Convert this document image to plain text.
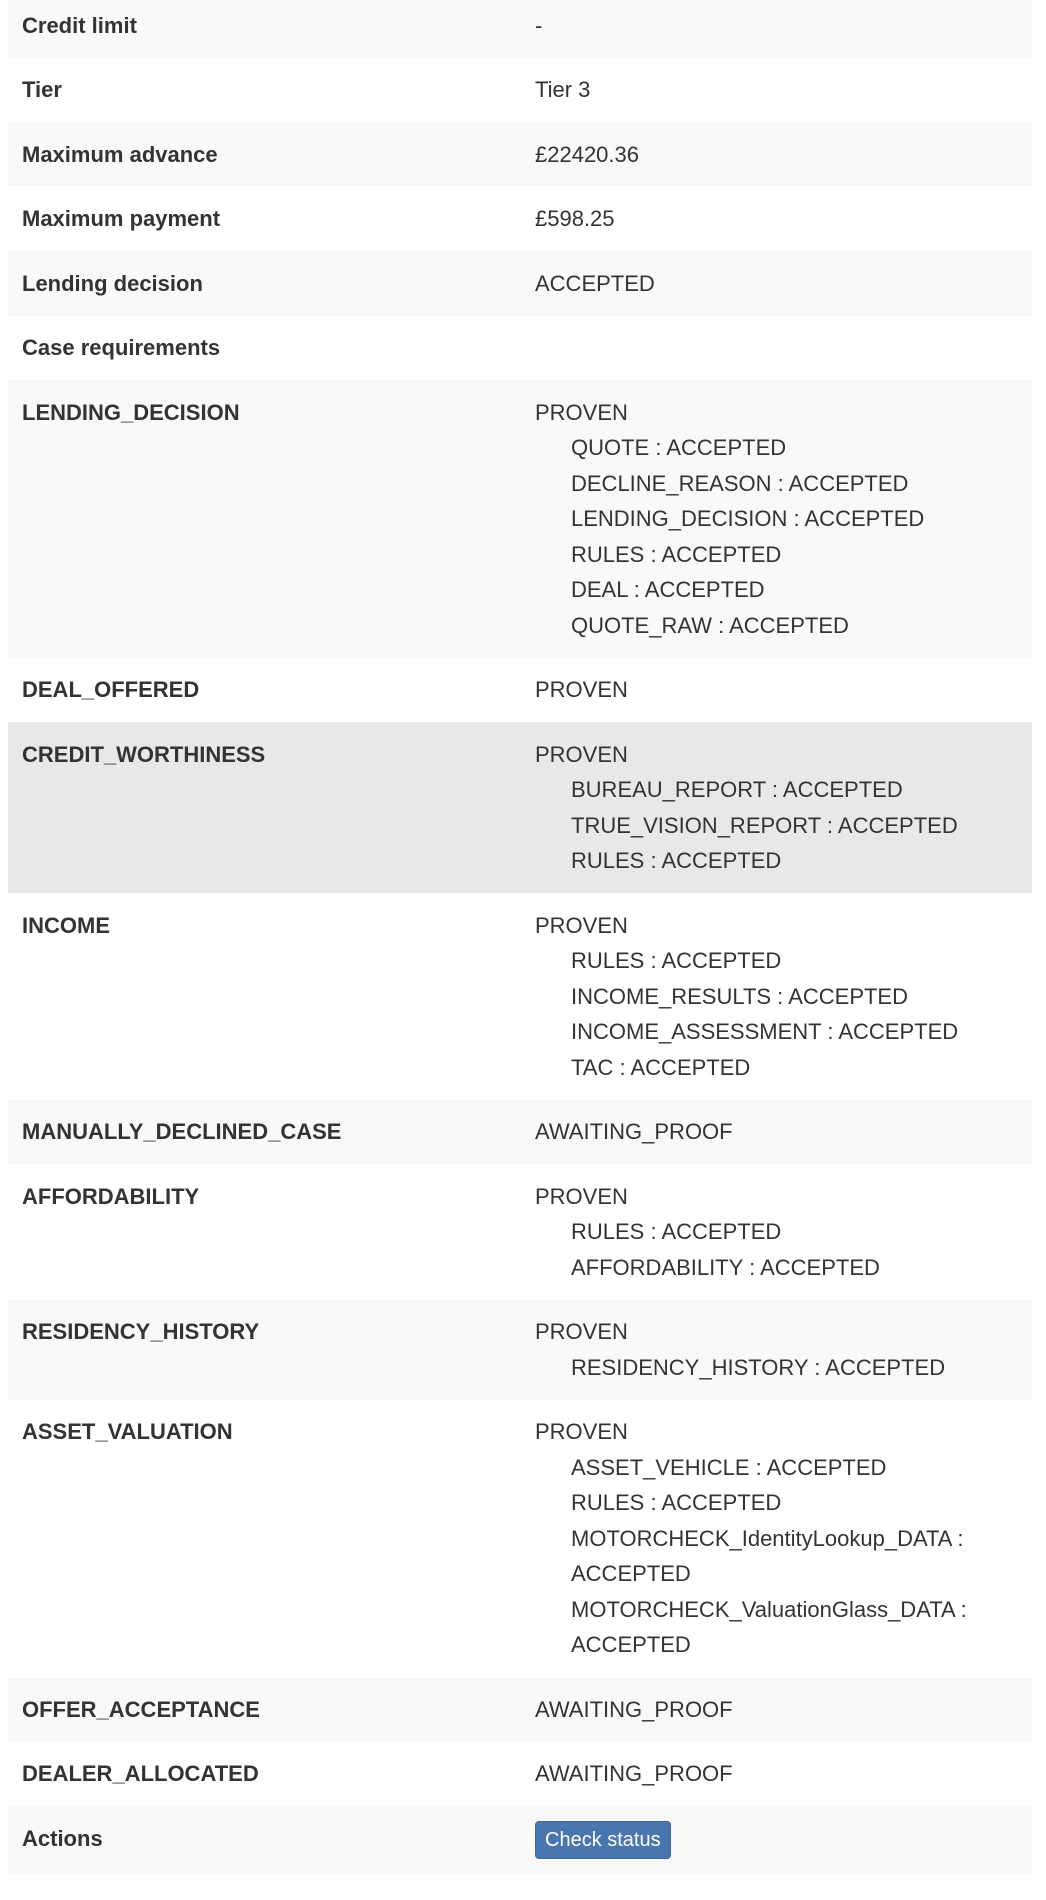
Credit limit	-
Tier	Tier 3
Maximum advance	£22420.36
Maximum payment	£598.25
Lending decision	ACCEPTED
Case requirements	
LENDING_DECISION	PROVEN
QUOTE : ACCEPTED
DECLINE_REASON : ACCEPTED
LENDING_DECISION : ACCEPTED
RULES : ACCEPTED
DEAL : ACCEPTED
QUOTE_RAW : ACCEPTED

DEAL_OFFERED	PROVEN

CREDIT_WORTHINESS	PROVEN
BUREAU_REPORT : ACCEPTED
TRUE_VISION_REPORT : ACCEPTED
RULES : ACCEPTED

INCOME	PROVEN
RULES : ACCEPTED
INCOME_RESULTS : ACCEPTED
INCOME_ASSESSMENT : ACCEPTED
TAC : ACCEPTED

MANUALLY_DECLINED_CASE	AWAITING_PROOF

AFFORDABILITY	PROVEN
RULES : ACCEPTED
AFFORDABILITY : ACCEPTED

RESIDENCY_HISTORY	PROVEN
RESIDENCY_HISTORY : ACCEPTED

ASSET_VALUATION	PROVEN
ASSET_VEHICLE : ACCEPTED
RULES : ACCEPTED
MOTORCHECK_IdentityLookup_DATA : ACCEPTED
MOTORCHECK_ValuationGlass_DATA : ACCEPTED

OFFER_ACCEPTANCE	AWAITING_PROOF

DEALER_ALLOCATED	AWAITING_PROOF

Actions	Check status
